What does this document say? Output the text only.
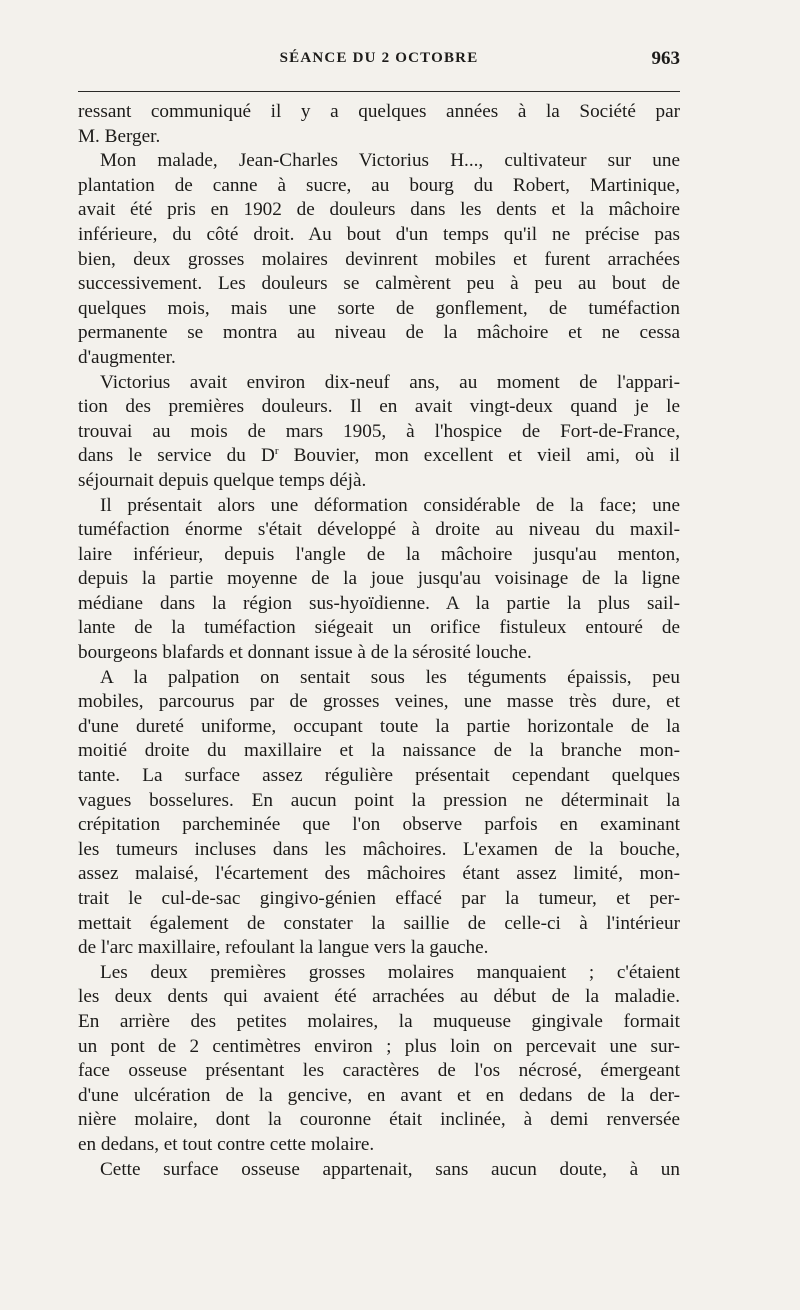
SÉANCE DU 2 OCTOBRE	963
ressant communiqué il y a quelques années à la Société par
M. Berger.
Mon malade, Jean-Charles Victorius H..., cultivateur sur une
plantation de canne à sucre, au bourg du Robert, Martinique,
avait été pris en 1902 de douleurs dans les dents et la mâchoire
inférieure, du côté droit. Au bout d'un temps qu'il ne précise pas
bien, deux grosses molaires devinrent mobiles et furent arrachées
successivement. Les douleurs se calmèrent peu à peu au bout de
quelques mois, mais une sorte de gonflement, de tuméfaction
permanente se montra au niveau de la mâchoire et ne cessa
d'augmenter.
Victorius avait environ dix-neuf ans, au moment de l'appari-
tion des premières douleurs. Il en avait vingt-deux quand je le
trouvai au mois de mars 1905, à l'hospice de Fort-de-France,
dans le service du $D^r$ Bouvier, mon excellent et vieil ami, où il
séjournait depuis quelque temps déjà.
Il présentait alors une déformation considérable de la face; une
tuméfaction énorme s'était développé à droite au niveau du maxil-
laire inférieur, depuis l'angle de la mâchoire jusqu'au menton,
depuis la partie moyenne de la joue jusqu'au voisinage de la ligne
médiane dans la région sus-hyoïdienne. A la partie la plus sail-
lante de la tuméfaction siégeait un orifice fistuleux entouré de
bourgeons blafards et donnant issue à de la sérosité louche.
A la palpation on sentait sous les téguments épaissis, peu
mobiles, parcourus par de grosses veines, une masse très dure, et
d'une dureté uniforme, occupant toute la partie horizontale de la
moitié droite du maxillaire et la naissance de la branche mon-
tante. La surface assez régulière présentait cependant quelques
vagues bosselures. En aucun point la pression ne déterminait la
crépitation parcheminée que l'on observe parfois en examinant
les tumeurs incluses dans les mâchoires. L'examen de la bouche,
assez malaisé, l'écartement des mâchoires étant assez limité, mon-
trait le cul-de-sac gingivo-génien effacé par la tumeur, et per-
mettait également de constater la saillie de celle-ci à l'intérieur
de l'arc maxillaire, refoulant la langue vers la gauche.
Les deux premières grosses molaires manquaient ; c'étaient
les deux dents qui avaient été arrachées au début de la maladie.
En arrière des petites molaires, la muqueuse gingivale formait
un pont de 2 centimètres environ ; plus loin on percevait une sur-
face osseuse présentant les caractères de l'os nécrosé, émergeant
d'une ulcération de la gencive, en avant et en dedans de la der-
nière molaire, dont la couronne était inclinée, à demi renversée
en dedans, et tout contre cette molaire.
Cette surface osseuse appartenait, sans aucun doute, à un
